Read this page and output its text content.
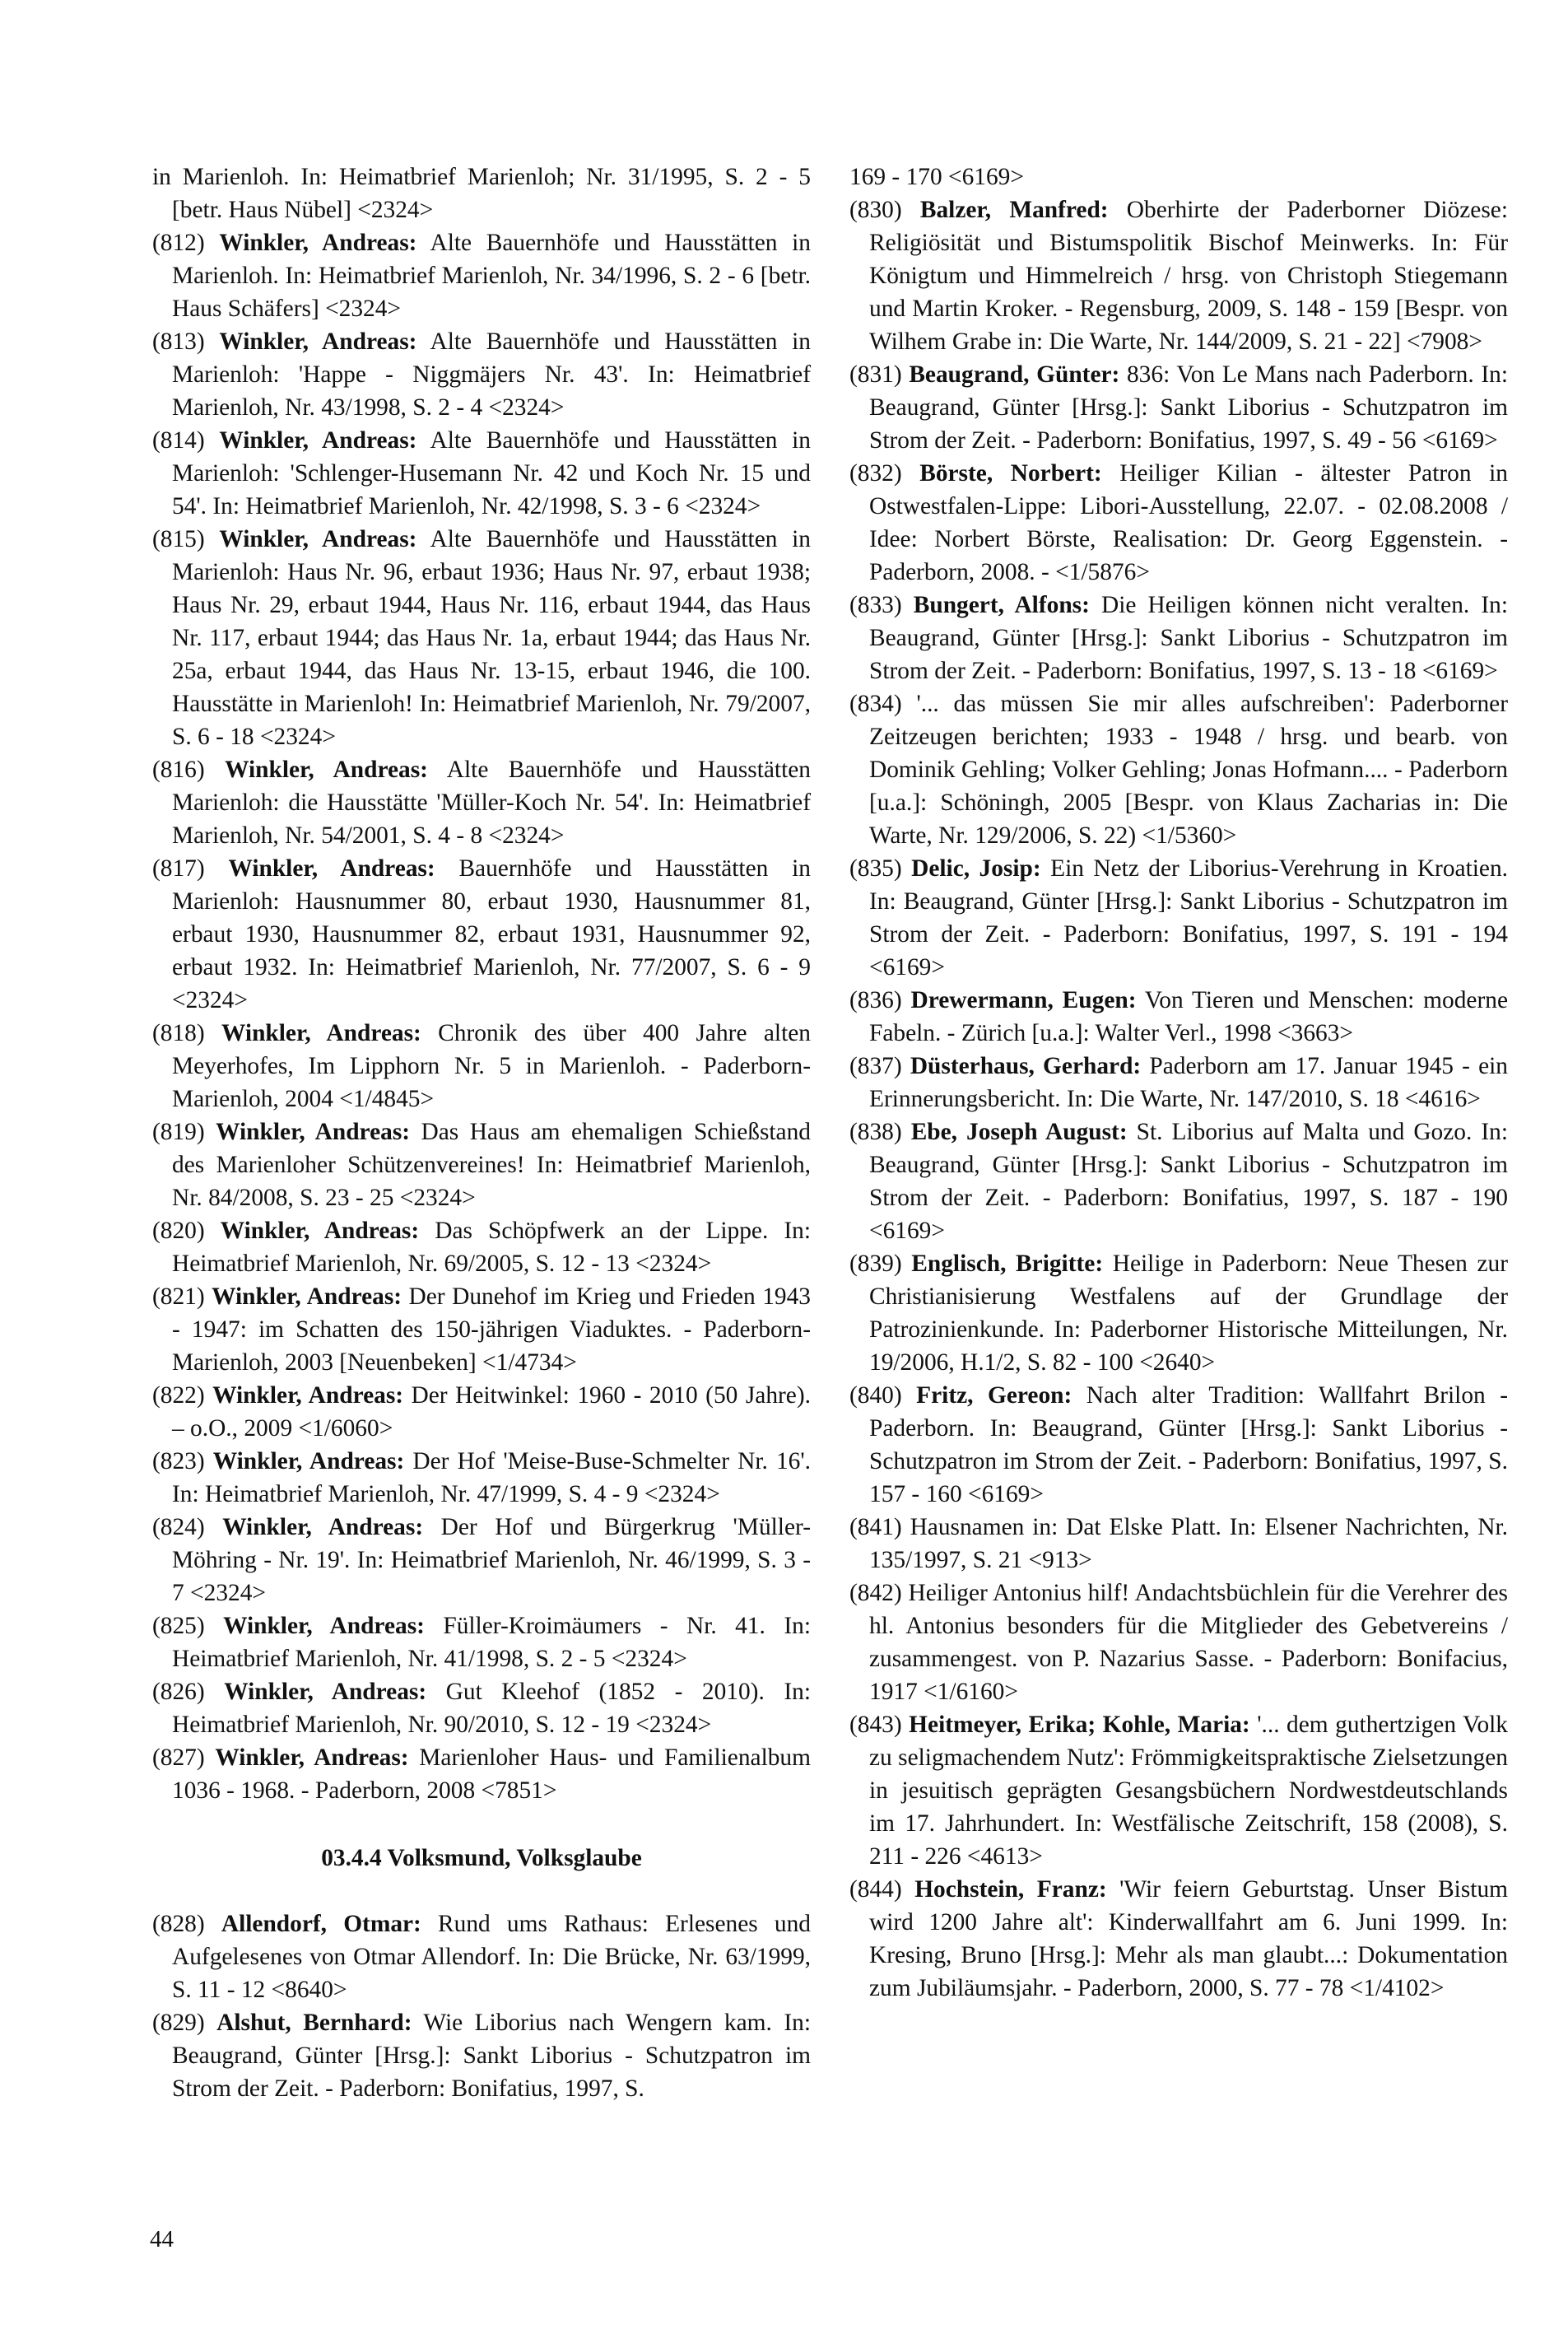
in Marienloh. In: Heimatbrief Marienloh; Nr. 31/1995, S. 2 - 5 [betr. Haus Nübel] <2324>

(812) Winkler, Andreas: Alte Bauernhöfe und Hausstätten in Marienloh. In: Heimatbrief Marienloh, Nr. 34/1996, S. 2 - 6 [betr. Haus Schäfers] <2324>

(813) Winkler, Andreas: Alte Bauernhöfe und Hausstätten in Marienloh: 'Happe - Niggmäjers Nr. 43'. In: Heimatbrief Marienloh, Nr. 43/1998, S. 2 - 4 <2324>

(814) Winkler, Andreas: Alte Bauernhöfe und Hausstätten in Marienloh: 'Schlenger-Husemann Nr. 42 und Koch Nr. 15 und 54'. In: Heimatbrief Marienloh, Nr. 42/1998, S. 3 - 6 <2324>

(815) Winkler, Andreas: Alte Bauernhöfe und Hausstätten in Marienloh: Haus Nr. 96, erbaut 1936; Haus Nr. 97, erbaut 1938; Haus Nr. 29, erbaut 1944, Haus Nr. 116, erbaut 1944, das Haus Nr. 117, erbaut 1944; das Haus Nr. 1a, erbaut 1944; das Haus Nr. 25a, erbaut 1944, das Haus Nr. 13-15, erbaut 1946, die 100. Hausstätte in Marienloh! In: Heimatbrief Marienloh, Nr. 79/2007, S. 6 - 18 <2324>

(816) Winkler, Andreas: Alte Bauernhöfe und Hausstätten Marienloh: die Hausstätte 'Müller-Koch Nr. 54'. In: Heimatbrief Marienloh, Nr. 54/2001, S. 4 - 8 <2324>

(817) Winkler, Andreas: Bauernhöfe und Hausstätten in Marienloh: Hausnummer 80, erbaut 1930, Hausnummer 81, erbaut 1930, Hausnummer 82, erbaut 1931, Hausnummer 92, erbaut 1932. In: Heimatbrief Marienloh, Nr. 77/2007, S. 6 - 9 <2324>

(818) Winkler, Andreas: Chronik des über 400 Jahre alten Meyerhofes, Im Lipphorn Nr. 5 in Marienloh. - Paderborn-Marienloh, 2004 <1/4845>

(819) Winkler, Andreas: Das Haus am ehemaligen Schießstand des Marienloher Schützenvereines! In: Heimatbrief Marienloh, Nr. 84/2008, S. 23 - 25 <2324>

(820) Winkler, Andreas: Das Schöpfwerk an der Lippe. In: Heimatbrief Marienloh, Nr. 69/2005, S. 12 - 13 <2324>

(821) Winkler, Andreas: Der Dunehof im Krieg und Frieden 1943 - 1947: im Schatten des 150-jährigen Viaduktes. - Paderborn-Marienloh, 2003 [Neuenbeken] <1/4734>

(822) Winkler, Andreas: Der Heitwinkel: 1960 - 2010 (50 Jahre). – o.O., 2009 <1/6060>

(823) Winkler, Andreas: Der Hof 'Meise-Buse-Schmelter Nr. 16'. In: Heimatbrief Marienloh, Nr. 47/1999, S. 4 - 9 <2324>

(824) Winkler, Andreas: Der Hof und Bürgerkrug 'Müller-Möhring - Nr. 19'. In: Heimatbrief Marienloh, Nr. 46/1999, S. 3 - 7 <2324>

(825) Winkler, Andreas: Füller-Kroimäumers - Nr. 41. In: Heimatbrief Marienloh, Nr. 41/1998, S. 2 - 5 <2324>

(826) Winkler, Andreas: Gut Kleehof (1852 - 2010). In: Heimatbrief Marienloh, Nr. 90/2010, S. 12 - 19 <2324>

(827) Winkler, Andreas: Marienloher Haus- und Familienalbum 1036 - 1968. - Paderborn, 2008 <7851>

03.4.4 Volksmund, Volksglaube

(828) Allendorf, Otmar: Rund ums Rathaus: Erlesenes und Aufgelesenes von Otmar Allendorf. In: Die Brücke, Nr. 63/1999, S. 11 - 12 <8640>

(829) Alshut, Bernhard: Wie Liborius nach Wengern kam. In: Beaugrand, Günter [Hrsg.]: Sankt Liborius - Schutzpatron im Strom der Zeit. - Paderborn: Bonifatius, 1997, S.

169 - 170 <6169>

(830) Balzer, Manfred: Oberhirte der Paderborner Diözese: Religiösität und Bistumspolitik Bischof Meinwerks. In: Für Königtum und Himmelreich / hrsg. von Christoph Stiegemann und Martin Kroker. - Regensburg, 2009, S. 148 - 159 [Bespr. von Wilhem Grabe in: Die Warte, Nr. 144/2009, S. 21 - 22] <7908>

(831) Beaugrand, Günter: 836: Von Le Mans nach Paderborn. In: Beaugrand, Günter [Hrsg.]: Sankt Liborius - Schutzpatron im Strom der Zeit. - Paderborn: Bonifatius, 1997, S. 49 - 56 <6169>

(832) Börste, Norbert: Heiliger Kilian - ältester Patron in Ostwestfalen-Lippe: Libori-Ausstellung, 22.07. - 02.08.2008 / Idee: Norbert Börste, Realisation: Dr. Georg Eggenstein. - Paderborn, 2008. - <1/5876>

(833) Bungert, Alfons: Die Heiligen können nicht veralten. In: Beaugrand, Günter [Hrsg.]: Sankt Liborius - Schutzpatron im Strom der Zeit. - Paderborn: Bonifatius, 1997, S. 13 - 18 <6169>

(834) '... das müssen Sie mir alles aufschreiben': Paderborner Zeitzeugen berichten; 1933 - 1948 / hrsg. und bearb. von Dominik Gehling; Volker Gehling; Jonas Hofmann.... - Paderborn [u.a.]: Schöningh, 2005 [Bespr. von Klaus Zacharias in: Die Warte, Nr. 129/2006, S. 22) <1/5360>

(835) Delic, Josip: Ein Netz der Liborius-Verehrung in Kroatien. In: Beaugrand, Günter [Hrsg.]: Sankt Liborius - Schutzpatron im Strom der Zeit. - Paderborn: Bonifatius, 1997, S. 191 - 194 <6169>

(836) Drewermann, Eugen: Von Tieren und Menschen: moderne Fabeln. - Zürich [u.a.]: Walter Verl., 1998 <3663>

(837) Düsterhaus, Gerhard: Paderborn am 17. Januar 1945 - ein Erinnerungsbericht. In: Die Warte, Nr. 147/2010, S. 18 <4616>

(838) Ebe, Joseph August: St. Liborius auf Malta und Gozo. In: Beaugrand, Günter [Hrsg.]: Sankt Liborius - Schutzpatron im Strom der Zeit. - Paderborn: Bonifatius, 1997, S. 187 - 190 <6169>

(839) Englisch, Brigitte: Heilige in Paderborn: Neue Thesen zur Christianisierung Westfalens auf der Grundlage der Patrozinienkunde. In: Paderborner Historische Mitteilungen, Nr. 19/2006, H.1/2, S. 82 - 100 <2640>

(840) Fritz, Gereon: Nach alter Tradition: Wallfahrt Brilon - Paderborn. In: Beaugrand, Günter [Hrsg.]: Sankt Liborius - Schutzpatron im Strom der Zeit. - Paderborn: Bonifatius, 1997, S. 157 - 160 <6169>

(841) Hausnamen in: Dat Elske Platt. In: Elsener Nachrichten, Nr. 135/1997, S. 21 <913>

(842) Heiliger Antonius hilf! Andachtsbüchlein für die Verehrer des hl. Antonius besonders für die Mitglieder des Gebetvereins / zusammengest. von P. Nazarius Sasse. - Paderborn: Bonifacius, 1917 <1/6160>

(843) Heitmeyer, Erika; Kohle, Maria: '... dem guthertzigen Volk zu seligmachendem Nutz': Frömmigkeitspraktische Zielsetzungen in jesuitisch geprägten Gesangsbüchern Nordwestdeutschlands im 17. Jahrhundert. In: Westfälische Zeitschrift, 158 (2008), S. 211 - 226 <4613>

(844) Hochstein, Franz: 'Wir feiern Geburtstag. Unser Bistum wird 1200 Jahre alt': Kinderwallfahrt am 6. Juni 1999. In: Kresing, Bruno [Hrsg.]: Mehr als man glaubt...: Dokumentation zum Jubiläumsjahr. - Paderborn, 2000, S. 77 - 78 <1/4102>

44
